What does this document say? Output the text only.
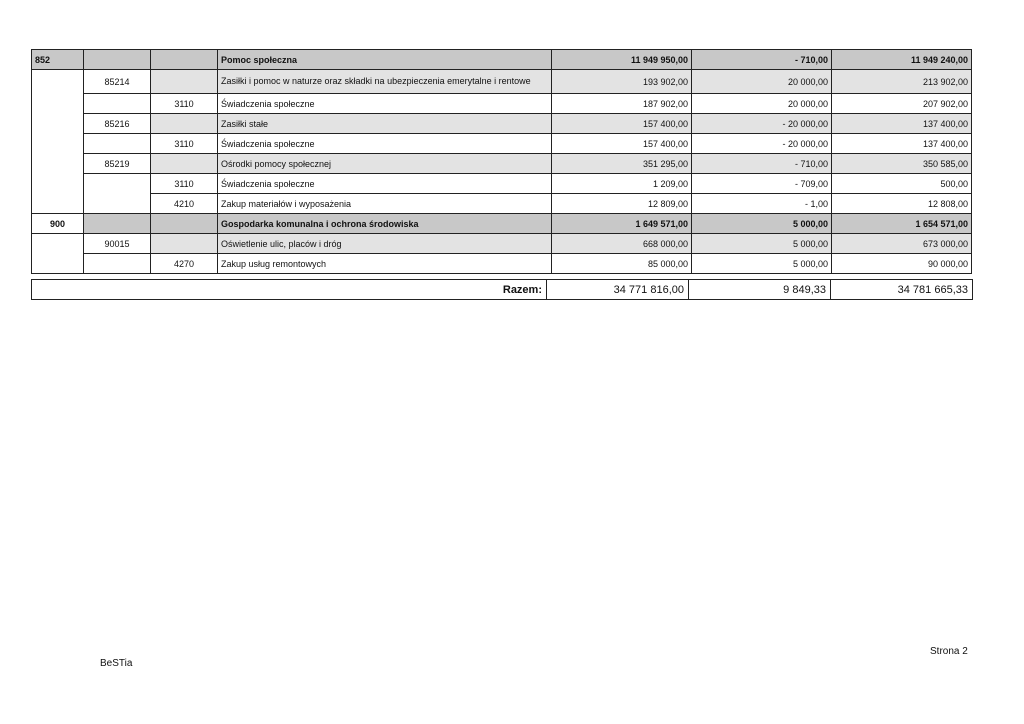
852			Pomoc społeczna	11 949 950,00	- 710,00	11 949 240,00
	85214		Zasiłki i pomoc w naturze oraz składki na ubezpieczenia emerytalne i rentowe	193 902,00	20 000,00	213 902,00
		3110	Świadczenia społeczne	187 902,00	20 000,00	207 902,00
	85216		Zasiłki stałe	157 400,00	- 20 000,00	137 400,00
		3110	Świadczenia społeczne	157 400,00	- 20 000,00	137 400,00
	85219		Ośrodki pomocy społecznej	351 295,00	- 710,00	350 585,00
		3110	Świadczenia społeczne	1 209,00	- 709,00	500,00
		4210	Zakup materiałów i wyposażenia	12 809,00	- 1,00	12 808,00
900			Gospodarka komunalna i ochrona środowiska	1 649 571,00	5 000,00	1 654 571,00
	90015		Oświetlenie ulic, placów i dróg	668 000,00	5 000,00	673 000,00
		4270	Zakup usług remontowych	85 000,00	5 000,00	90 000,00
Razem:	34 771 816,00	9 849,33	34 781 665,33
BeSTia
Strona 2
